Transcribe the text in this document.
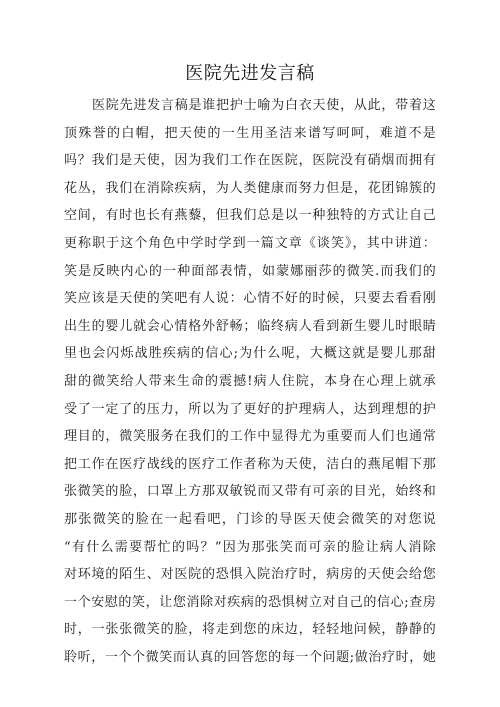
医院先进发言稿
医院先进发言稿是谁把护士喻为白衣天使，从此，带着这
顶殊誉的白帽，把天使的一生用圣洁来谱写呵呵，难道不是
吗？我们是天使，因为我们工作在医院，医院没有硝烟而拥有
花丛，我们在消除疾病，为人类健康而努力但是，花团锦簇的
空间，有时也长有燕藜，但我们总是以一种独特的方式让自己
更称职于这个角色中学时学到一篇文章《谈笑》，其中讲道：
笑是反映内心的一种面部表情，如蒙娜丽莎的微笑.而我们的
笑应该是天使的笑吧有人说：心情不好的时候，只要去看看刚
出生的婴儿就会心情格外舒畅；临终病人看到新生婴儿时眼睛
里也会闪烁战胜疾病的信心;为什么呢，大概这就是婴儿那甜
甜的微笑给人带来生命的震撼!病人住院，本身在心理上就承
受了一定了的压力，所以为了更好的护理病人，达到理想的护
理目的，微笑服务在我们的工作中显得尤为重要而人们也通常
把工作在医疗战线的医疗工作者称为天使，洁白的燕尾帽下那
张微笑的脸，口罩上方那双敏锐而又带有可亲的目光，始终和
那张微笑的脸在一起看吧，门诊的导医天使会微笑的对您说
“有什么需要帮忙的吗？”因为那张笑而可亲的脸让病人消除
对环境的陌生、对医院的恐惧入院治疗时，病房的天使会给您
一个安慰的笑，让您消除对疾病的恐惧树立对自己的信心;查房
时，一张张微笑的脸，将走到您的床边，轻轻地问候，静静的
聆听，一个个微笑而认真的回答您的每一个问题;做治疗时，她
